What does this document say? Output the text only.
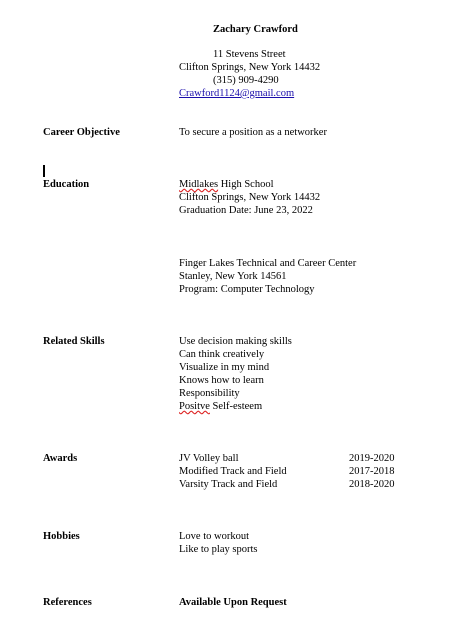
Zachary Crawford
11 Stevens Street
Clifton Springs, New York 14432
(315) 909-4290
Crawford1124@gmail.com
Career Objective	To secure a position as a networker
Education	Midlakes High School
Clifton Springs, New York 14432
Graduation Date: June 23, 2022
Finger Lakes Technical and Career Center
Stanley, New York 14561
Program: Computer Technology
Related Skills	Use decision making skills
Can think creatively
Visualize in my mind
Knows how to learn
Responsibility
Positve Self-esteem
Awards	JV Volley ball	2019-2020
Modified Track and Field	2017-2018
Varsity Track and Field	2018-2020
Hobbies	Love to workout
Like to play sports
References	Available Upon Request
